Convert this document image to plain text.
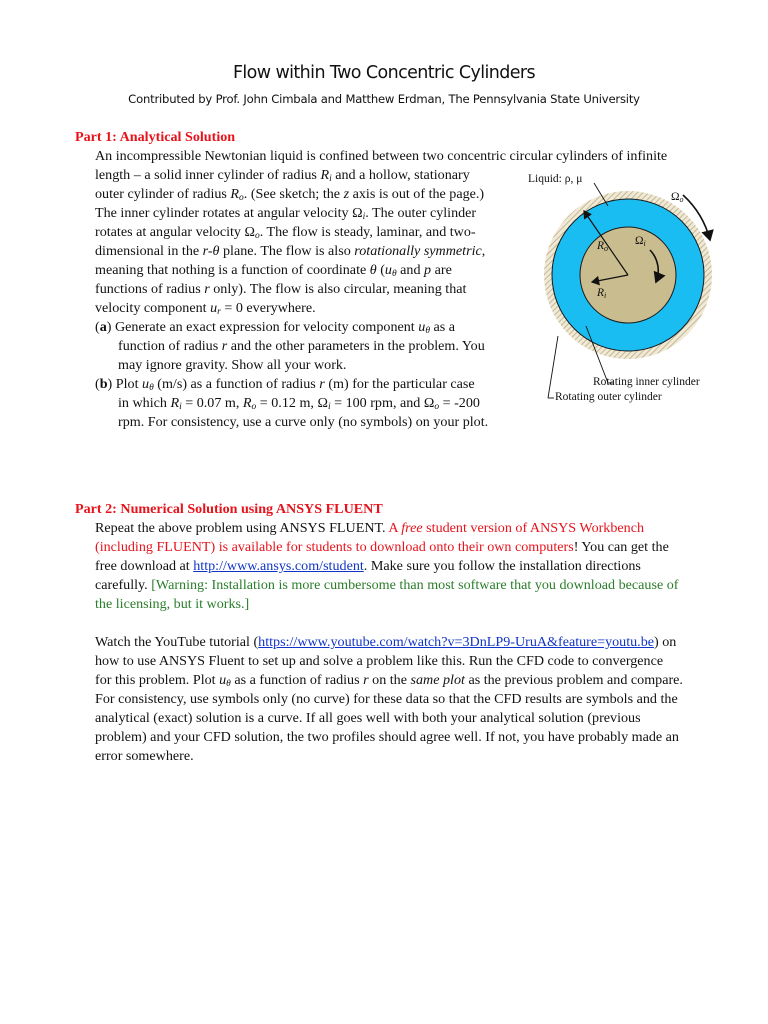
Flow within Two Concentric Cylinders
Contributed by Prof. John Cimbala and Matthew Erdman, The Pennsylvania State University
Part 1: Analytical Solution
An incompressible Newtonian liquid is confined between two concentric circular cylinders of infinite
length – a solid inner cylinder of radius $R_i$ and a hollow, stationary
outer cylinder of radius $R_o$. (See sketch; the z axis is out of the page.)
The inner cylinder rotates at angular velocity $\Omega_i$. The outer cylinder
rotates at angular velocity $\Omega_o$. The flow is steady, laminar, and two-
dimensional in the r-θ plane. The flow is also rotationally symmetric,
meaning that nothing is a function of coordinate θ ($u_\theta$ and p are
functions of radius r only). The flow is also circular, meaning that
velocity component $u_r = 0$ everywhere.
(a) Generate an exact expression for velocity component $u_\theta$ as a
function of radius r and the other parameters in the problem. You
may ignore gravity. Show all your work.
(b) Plot $u_\theta$ (m/s) as a function of radius r (m) for the particular case
in which $R_i = 0.07$ m, $R_o = 0.12$ m, $\Omega_i = 100$ rpm, and $\Omega_o = -200$
rpm. For consistency, use a curve only (no symbols) on your plot.
Liquid: ρ, μ
$\Omega_o$
$\Omega_i$
$R_o$
$R_i$
Rotating inner cylinder
Rotating outer cylinder
Part 2: Numerical Solution using ANSYS FLUENT
Repeat the above problem using ANSYS FLUENT. A free student version of ANSYS Workbench
(including FLUENT) is available for students to download onto their own computers! You can get the
free download at http://www.ansys.com/student. Make sure you follow the installation directions
carefully. [Warning: Installation is more cumbersome than most software that you download because of
the licensing, but it works.]
Watch the YouTube tutorial (https://www.youtube.com/watch?v=3DnLP9-UruA&feature=youtu.be) on
how to use ANSYS Fluent to set up and solve a problem like this. Run the CFD code to convergence
for this problem. Plot $u_\theta$ as a function of radius r on the same plot as the previous problem and compare.
For consistency, use symbols only (no curve) for these data so that the CFD results are symbols and the
analytical (exact) solution is a curve. If all goes well with both your analytical solution (previous
problem) and your CFD solution, the two profiles should agree well. If not, you have probably made an
error somewhere.
